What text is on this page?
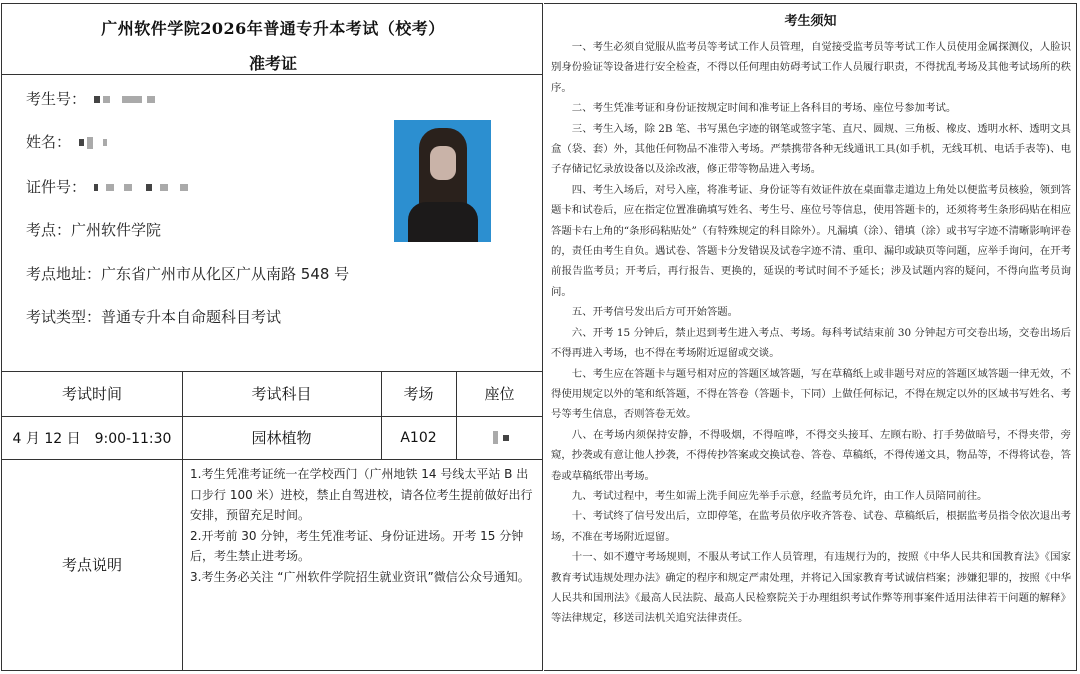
广州软件学院2026年普通专升本考试（校考）
准考证
考生号：
姓名：
证件号：
考点：广州软件学院
考点地址：广东省广州市从化区广从南路 548 号
考试类型：普通专升本自命题科目考试
考试时间	考试科目	考场	座位
4 月 12 日　9:00-11:30	园林植物	A102
考点说明

1.考生凭准考证统一在学校西门（广州地铁 14 号线太平站 B 出口步行 100 米）进校，禁止自驾进校，请各位考生提前做好出行安排，预留充足时间。

2.开考前 30 分钟，考生凭准考证、身份证进场。开考 15 分钟后，考生禁止进考场。

3.考生务必关注 “广州软件学院招生就业资讯”微信公众号通知。

考生须知

一、考生必须自觉服从监考员等考试工作人员管理，自觉接受监考员等考试工作人员使用金属探测仪，人脸识别身份验证等设备进行安全检查，不得以任何理由妨碍考试工作人员履行职责，不得扰乱考场及其他考试场所的秩序。

二、考生凭准考证和身份证按规定时间和准考证上各科目的考场、座位号参加考试。

三、考生入场，除 2B 笔、书写黑色字迹的钢笔或签字笔、直尺、圆规、三角板、橡皮、透明水杯、透明文具盒（袋、套）外，其他任何物品不准带入考场。严禁携带各种无线通讯工具(如手机，无线耳机、电话手表等)、电子存储记忆录放设备以及涂改液，修正带等物品进入考场。

四、考生入场后，对号入座，将准考证、身份证等有效证件放在桌面靠走道边上角处以便监考员核验，领到答题卡和试卷后，应在指定位置准确填写姓名、考生号、座位号等信息，使用答题卡的，还须将考生条形码贴在相应答题卡右上角的“条形码粘贴处”（有特殊规定的科目除外）。凡漏填（涂）、错填（涂）或书写字迹不清晰影响评卷的，责任由考生自负。遇试卷、答题卡分发错误及试卷字迹不清、重印、漏印或缺页等问题，应举手询问，在开考前报告监考员；开考后，再行报告、更换的，延误的考试时间不予延长；涉及试题内容的疑问，不得向监考员询问。

五、开考信号发出后方可开始答题。

六、开考 15 分钟后，禁止迟到考生进入考点、考场。每科考试结束前 30 分钟起方可交卷出场，交卷出场后不得再进入考场，也不得在考场附近逗留或交谈。

七、考生应在答题卡与题号相对应的答题区域答题，写在草稿纸上或非题号对应的答题区域答题一律无效，不得使用规定以外的笔和纸答题，不得在答卷（答题卡，下同）上做任何标记，不得在规定以外的区域书写姓名、考号等考生信息，否则答卷无效。

八、在考场内须保持安静，不得吸烟，不得喧哗，不得交头接耳、左顾右盼、打手势做暗号，不得夹带，旁窥，抄袭或有意让他人抄袭，不得传抄答案或交换试卷、答卷、草稿纸，不得传递文具，物品等，不得将试卷，答卷或草稿纸带出考场。

九、考试过程中，考生如需上洗手间应先举手示意，经监考员允许，由工作人员陪同前往。

十、考试终了信号发出后，立即停笔，在监考员依序收齐答卷、试卷、草稿纸后，根据监考员指令依次退出考场，不准在考场附近逗留。

十一、如不遵守考场规则，不服从考试工作人员管理，有违规行为的，按照《中华人民共和国教育法》《国家教育考试违规处理办法》确定的程序和规定严肃处理，并将记入国家教育考试诚信档案；涉嫌犯罪的，按照《中华人民共和国刑法》《最高人民法院、最高人民检察院关于办理组织考试作弊等刑事案件适用法律若干问题的解释》等法律规定，移送司法机关追究法律责任。
